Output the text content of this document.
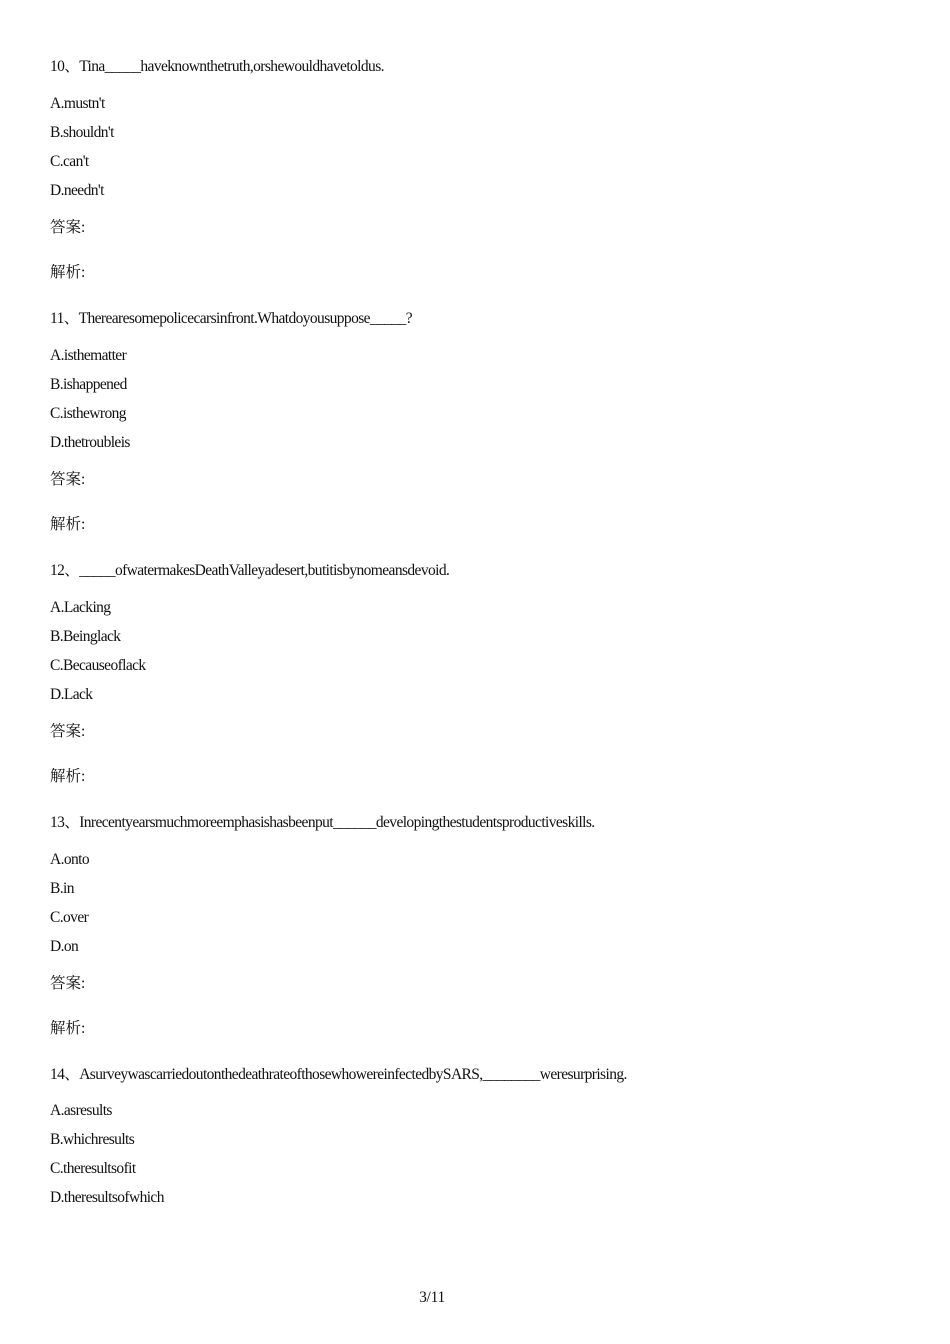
10、Tina_____haveknownthetruth,orshewouldhavetoldus.
A.mustn't
B.shouldn't
C.can't
D.needn't
答案:
解析:
11、Therearesomepolicecarsinfront.Whatdoyousuppose_____?
A.isthematter
B.ishappened
C.isthewrong
D.thetroubleis
答案:
解析:
12、_____ofwatermakesDeathValleyadesert,butitisbynomeansdevoid.
A.Lacking
B.Beinglack
C.Becauseoflack
D.Lack
答案:
解析:
13、Inrecentyearsmuchmoreemphasishasbeenput______developingthestudentsproductiveskills.
A.onto
B.in
C.over
D.on
答案:
解析:
14、AsurveywascarriedoutonthedeathrateofthosewhowereinfectedbySARS,________weresurprising.
A.asresults
B.whichresults
C.theresultsofit
D.theresultsofwhich
3/11
